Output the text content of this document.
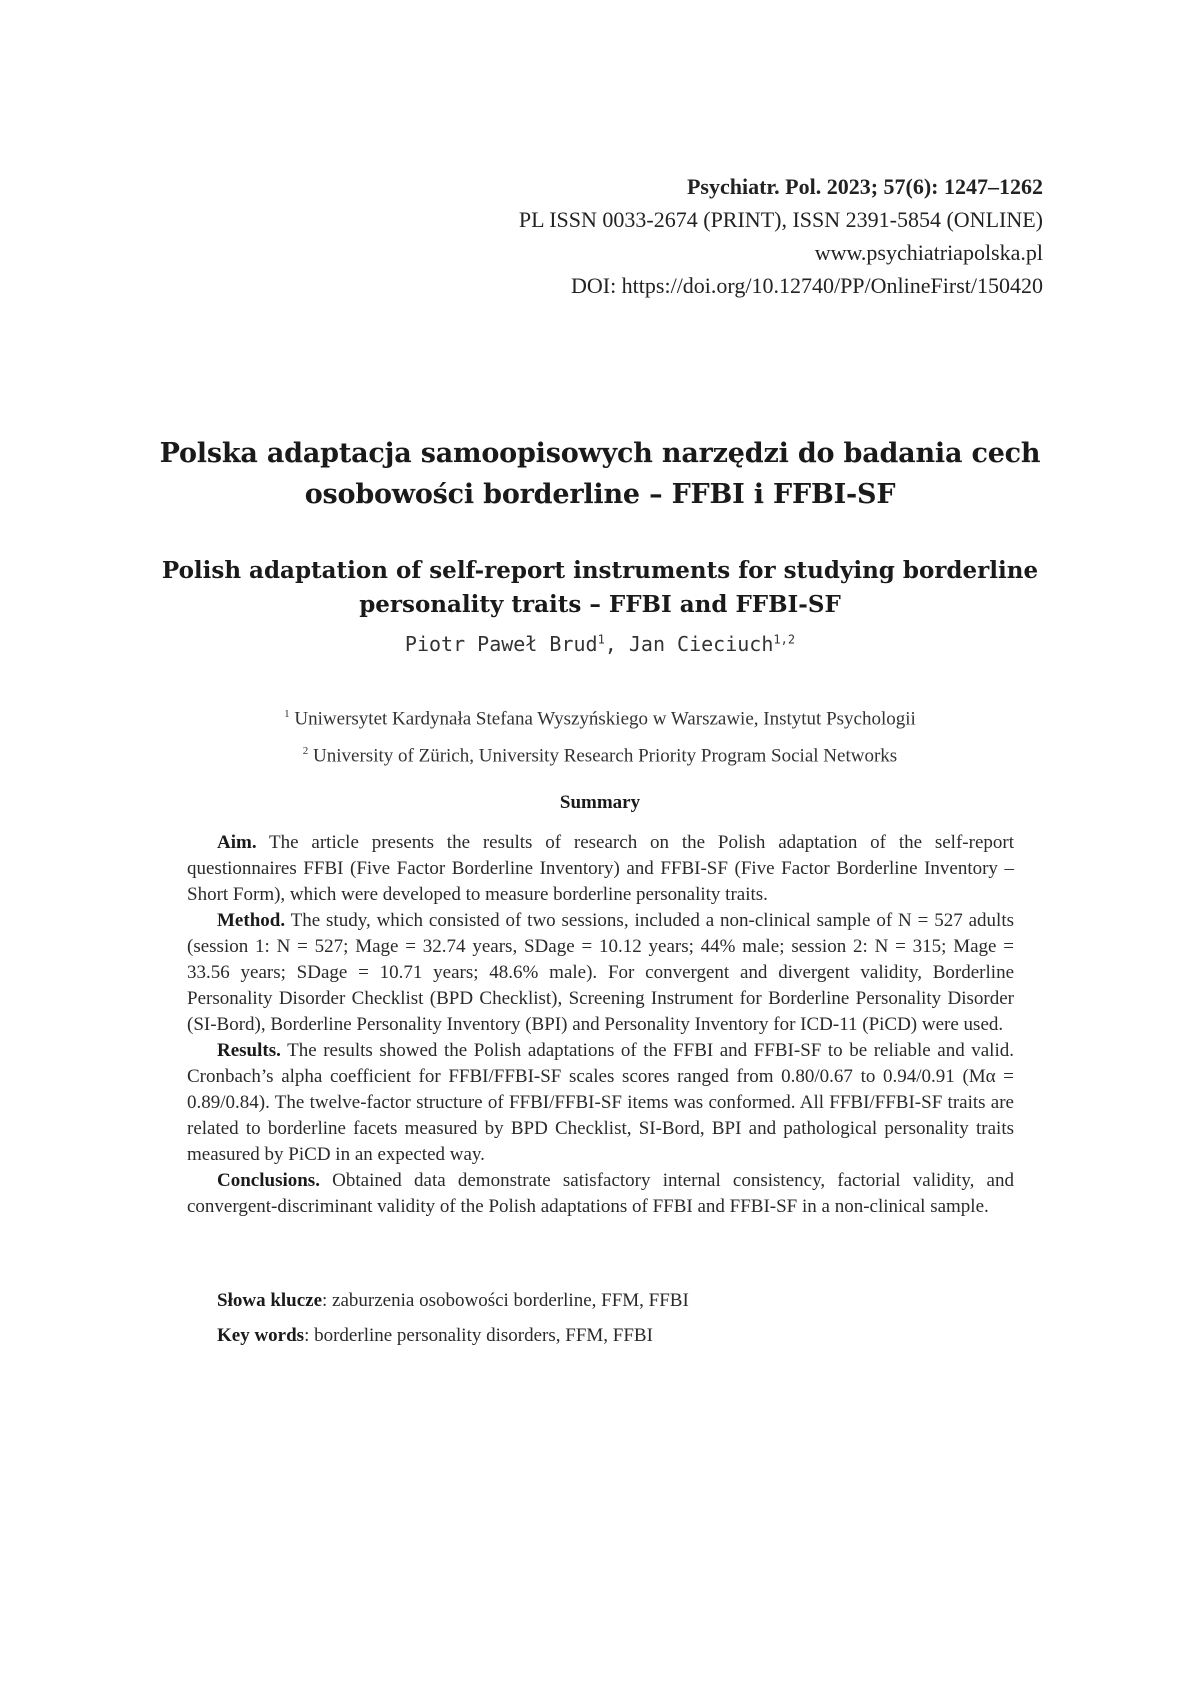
Psychiatr. Pol. 2023; 57(6): 1247–1262
PL ISSN 0033-2674 (PRINT), ISSN 2391-5854 (ONLINE)
www.psychiatriapolska.pl
DOI: https://doi.org/10.12740/PP/OnlineFirst/150420
Polska adaptacja samoopisowych narzędzi do badania cech
osobowości borderline – FFBI i FFBI-SF
Polish adaptation of self-report instruments for studying borderline
personality traits – FFBI and FFBI-SF
Piotr Paweł Brud$^1$, Jan Cieciuch$^{1,2}$
$^1$ Uniwersytet Kardynała Stefana Wyszyńskiego w Warszawie, Instytut Psychologii
$^2$ University of Zürich, University Research Priority Program Social Networks
Summary

Aim. The article presents the results of research on the Polish adaptation of the self-report questionnaires FFBI (Five Factor Borderline Inventory) and FFBI-SF (Five Factor Borderline Inventory – Short Form), which were developed to measure borderline personality traits.

Method. The study, which consisted of two sessions, included a non-clinical sample of N = 527 adults (session 1: N = 527; Mage = 32.74 years, SDage = 10.12 years; 44% male; session 2: N = 315; Mage = 33.56 years; SDage = 10.71 years; 48.6% male). For convergent and divergent validity, Borderline Personality Disorder Checklist (BPD Checklist), Screening Instrument for Borderline Personality Disorder (SI-Bord), Borderline Personality Inventory (BPI) and Personality Inventory for ICD-11 (PiCD) were used.

Results. The results showed the Polish adaptations of the FFBI and FFBI-SF to be reliable and valid. Cronbach’s alpha coefficient for FFBI/FFBI-SF scales scores ranged from 0.80/0.67 to 0.94/0.91 (Mα = 0.89/0.84). The twelve-factor structure of FFBI/FFBI-SF items was conformed. All FFBI/FFBI-SF traits are related to borderline facets measured by BPD Checklist, SI-Bord, BPI and pathological personality traits measured by PiCD in an expected way.

Conclusions. Obtained data demonstrate satisfactory internal consistency, factorial validity, and convergent-discriminant validity of the Polish adaptations of FFBI and FFBI-SF in a non-clinical sample.

Słowa klucze: zaburzenia osobowości borderline, FFM, FFBI
Key words: borderline personality disorders, FFM, FFBI
